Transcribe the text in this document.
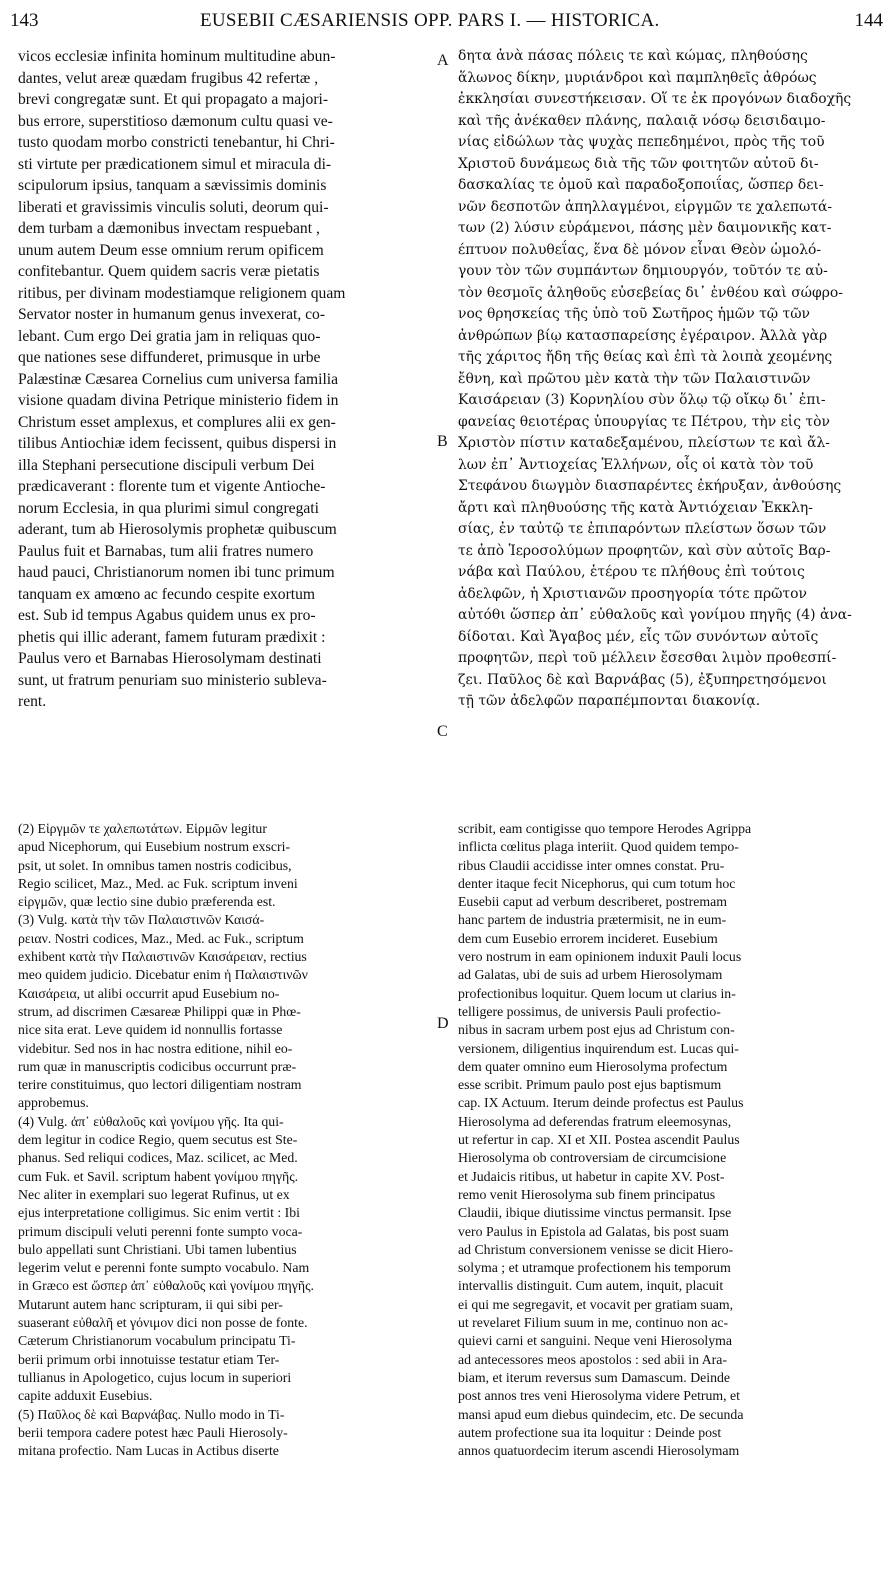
143	EUSEBII CÆSARIENSIS OPP. PARS I. — HISTORICA.	144
vicos ecclesiæ infinita hominum multitudine abun-
dantes, velut areæ quædam frugibus 42 refertæ ,
brevi congregatæ sunt. Et qui propagato a majori-
bus errore, superstitioso dæmonum cultu quasi ve-
tusto quodam morbo constricti tenebantur, hi Chri-
sti virtute per prædicationem simul et miracula di-
scipulorum ipsius, tanquam a sævissimis dominis
liberati et gravissimis vinculis soluti, deorum qui-
dem turbam a dæmonibus invectam respuebant ,
unum autem Deum esse omnium rerum opificem
confitebantur. Quem quidem sacris veræ pietatis
ritibus, per divinam modestiamque religionem quam
Servator noster in humanum genus invexerat, co-
lebant. Cum ergo Dei gratia jam in reliquas quo-
que nationes sese diffunderet, primusque in urbe
Palæstinæ Cæsarea Cornelius cum universa familia
visione quadam divina Petrique ministerio fidem in
Christum esset amplexus, et complures alii ex gen-
tilibus Antiochiæ idem fecissent, quibus dispersi in
illa Stephani persecutione discipuli verbum Dei
prædicaverant : florente tum et vigente Antioche-
norum Ecclesia, in qua plurimi simul congregati
aderant, tum ab Hierosolymis prophetæ quibuscum
Paulus fuit et Barnabas, tum alii fratres numero
haud pauci, Christianorum nomen ibi tunc primum
tanquam ex amœno ac fecundo cespite exortum
est. Sub id tempus Agabus quidem unus ex pro-
phetis qui illic aderant, famem futuram prædixit :
Paulus vero et Barnabas Hierosolymam destinati
sunt, ut fratrum penuriam suo ministerio subleva-
rent.
δητα ἀνὰ πάσας πόλεις τε καὶ κώμας, πληθούσης
ἅλωνος δίκην, μυριάνδροι καὶ παμπληθεῖς ἀθρόως
ἐκκλησίαι συνεστήκεισαν. Οἵ τε ἐκ προγόνων διαδοχῆς
καὶ τῆς ἀνέκαθεν πλάνης, παλαιᾷ νόσῳ δεισιδαιμο-
νίας εἰδώλων τὰς ψυχὰς πεπεδημένοι, πρὸς τῆς τοῦ
Χριστοῦ δυνάμεως διὰ τῆς τῶν φοιτητῶν αὐτοῦ δι-
δασκαλίας τε ὁμοῦ καὶ παραδοξοποιΐας, ὥσπερ δει-
νῶν δεσποτῶν ἀπηλλαγμένοι, εἱργμῶν τε χαλεπωτά-
των (2) λύσιν εὑράμενοι, πάσης μὲν δαιμονικῆς κατ-
έπτυον πολυθεΐας, ἕνα δὲ μόνον εἶναι Θεὸν ὡμολό-
γουν τὸν τῶν συμπάντων δημιουργόν, τοῦτόν τε αὐ-
τὸν θεσμοῖς ἀληθοῦς εὐσεβείας δι᾽ ἐνθέου καὶ σώφρο-
νος θρησκείας τῆς ὑπὸ τοῦ Σωτῆρος ἡμῶν τῷ τῶν
ἀνθρώπων βίῳ κατασπαρείσης ἐγέραιρον. Ἀλλὰ γὰρ
τῆς χάριτος ἤδη τῆς θείας καὶ ἐπὶ τὰ λοιπὰ χεομένης
ἔθνη, καὶ πρῶτου μὲν κατὰ τὴν τῶν Παλαιστινῶν
Καισάρειαν (3) Κορνηλίου σὺν ὅλῳ τῷ οἴκῳ δι᾽ ἐπι-
φανείας θειοτέρας ὑπουργίας τε Πέτρου, τὴν εἰς τὸν
Χριστὸν πίστιν καταδεξαμένου, πλείστων τε καὶ ἄλ-
λων ἐπ᾽ Ἀντιοχείας Ἑλλήνων, οἷς οἱ κατὰ τὸν τοῦ
Στεφάνου διωγμὸν διασπαρέντες ἐκήρυξαν, ἀνθούσης
ἄρτι καὶ πληθυούσης τῆς κατὰ Ἀντιόχειαν Ἐκκλη-
σίας, ἐν ταὐτῷ τε ἐπιπαρόντων πλείστων ὅσων τῶν
τε ἀπὸ Ἱεροσολύμων προφητῶν, καὶ σὺν αὐτοῖς Βαρ-
νάβα καὶ Παύλου, ἑτέρου τε πλήθους ἐπὶ τούτοις
ἀδελφῶν, ἡ Χριστιανῶν προσηγορία τότε πρῶτον
αὐτόθι ὥσπερ ἀπ᾽ εὐθαλοῦς καὶ γονίμου πηγῆς (4) ἀνα-
δίδοται. Καὶ Ἄγαβος μέν, εἷς τῶν συνόντων αὐτοῖς
προφητῶν, περὶ τοῦ μέλλειν ἔσεσθαι λιμὸν προθεσπί-
ζει. Παῦλος δὲ καὶ Βαρνάβας (5), ἐξυπηρετησόμενοι
τῇ τῶν ἀδελφῶν παραπέμπονται διακονίᾳ.
A
B
C
D
(2) Εἱργμῶν τε χαλεπωτάτων. Εἱρμῶν legitur
apud Nicephorum, qui Eusebium nostrum exscri-
psit, ut solet. In omnibus tamen nostris codicibus,
Regio scilicet, Maz., Med. ac Fuk. scriptum inveni
εἱργμῶν, quæ lectio sine dubio præferenda est.
(3) Vulg. κατὰ τὴν τῶν Παλαιστινῶν Καισά-
ρειαν. Nostri codices, Maz., Med. ac Fuk., scriptum
exhibent κατὰ τὴν Παλαιστινῶν Καισάρειαν, rectius
meo quidem judicio. Dicebatur enim ἡ Παλαιστινῶν
Καισάρεια, ut alibi occurrit apud Eusebium no-
strum, ad discrimen Cæsareæ Philippi quæ in Phœ-
nice sita erat. Leve quidem id nonnullis fortasse
videbitur. Sed nos in hac nostra editione, nihil eo-
rum quæ in manuscriptis codicibus occurrunt præ-
terire constituimus, quo lectori diligentiam nostram
approbemus.
(4) Vulg. ἀπ᾽ εὐθαλοῦς καὶ γονίμου γῆς. Ita qui-
dem legitur in codice Regio, quem secutus est Ste-
phanus. Sed reliqui codices, Maz. scilicet, ac Med.
cum Fuk. et Savil. scriptum habent γονίμου πηγῆς.
Nec aliter in exemplari suo legerat Rufinus, ut ex
ejus interpretatione colligimus. Sic enim vertit : Ibi
primum discipuli veluti perenni fonte sumpto voca-
bulo appellati sunt Christiani. Ubi tamen lubentius
legerim velut e perenni fonte sumpto vocabulo. Nam
in Græco est ὥσπερ ἀπ᾽ εὐθαλοῦς καὶ γονίμου πηγῆς.
Mutarunt autem hanc scripturam, ii qui sibi per-
suaserant εὐθαλῆ et γόνιμον dici non posse de fonte.
Cæterum Christianorum vocabulum principatu Ti-
berii primum orbi innotuisse testatur etiam Ter-
tullianus in Apologetico, cujus locum in superiori
capite adduxit Eusebius.
(5) Παῦλος δὲ καὶ Βαρνάβας. Nullo modo in Ti-
berii tempora cadere potest hæc Pauli Hierosoly-
mitana profectio. Nam Lucas in Actibus diserte
scribit, eam contigisse quo tempore Herodes Agrippa
inflicta cœlitus plaga interiit. Quod quidem tempo-
ribus Claudii accidisse inter omnes constat. Pru-
denter itaque fecit Nicephorus, qui cum totum hoc
Eusebii caput ad verbum describeret, postremam
hanc partem de industria prætermisit, ne in eum-
dem cum Eusebio errorem incideret. Eusebium
vero nostrum in eam opinionem induxit Pauli locus
ad Galatas, ubi de suis ad urbem Hierosolymam
profectionibus loquitur. Quem locum ut clarius in-
telligere possimus, de universis Pauli profectio-
nibus in sacram urbem post ejus ad Christum con-
versionem, diligentius inquirendum est. Lucas qui-
dem quater omnino eum Hierosolyma profectum
esse scribit. Primum paulo post ejus baptismum
cap. IX Actuum. Iterum deinde profectus est Paulus
Hierosolyma ad deferendas fratrum eleemosynas,
ut refertur in cap. XI et XII. Postea ascendit Paulus
Hierosolyma ob controversiam de circumcisione
et Judaicis ritibus, ut habetur in capite XV. Post-
remo venit Hierosolyma sub finem principatus
Claudii, ibique diutissime vinctus permansit. Ipse
vero Paulus in Epistola ad Galatas, bis post suam
ad Christum conversionem venisse se dicit Hiero-
solyma ; et utramque profectionem his temporum
intervallis distinguit. Cum autem, inquit, placuit
ei qui me segregavit, et vocavit per gratiam suam,
ut revelaret Filium suum in me, continuo non ac-
quievi carni et sanguini. Neque veni Hierosolyma
ad antecessores meos apostolos : sed abii in Ara-
biam, et iterum reversus sum Damascum. Deinde
post annos tres veni Hierosolyma videre Petrum, et
mansi apud eum diebus quindecim, etc. De secunda
autem profectione sua ita loquitur : Deinde post
annos quatuordecim iterum ascendi Hierosolymam
